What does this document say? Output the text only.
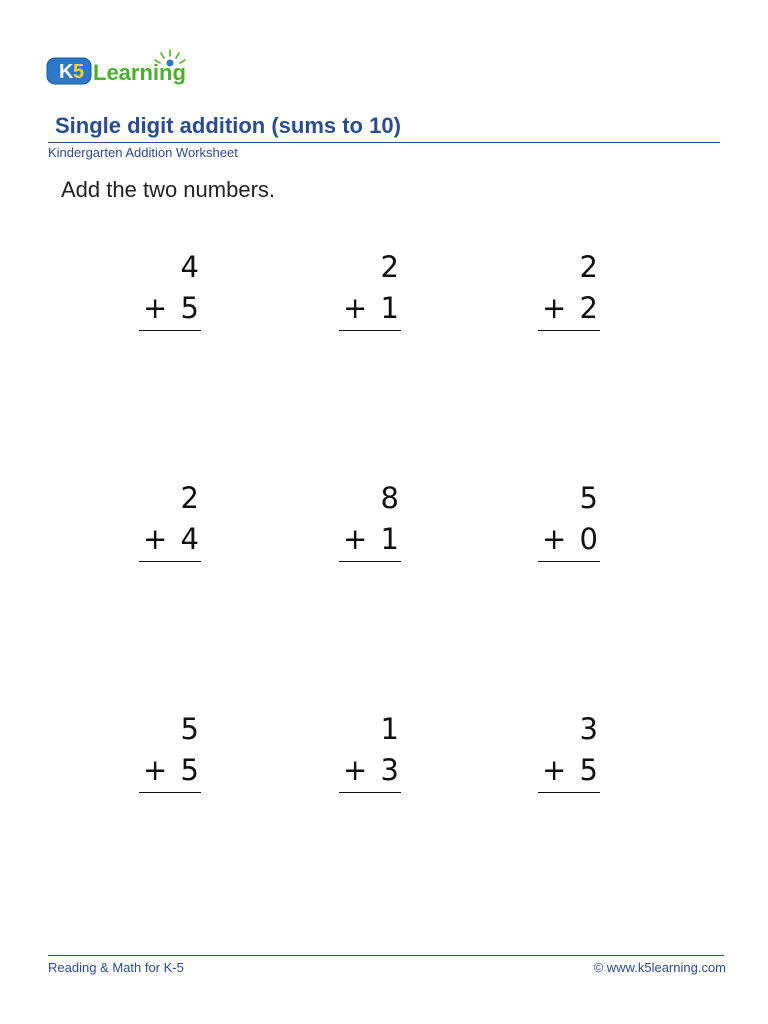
K 5 Learning
Single digit addition (sums to 10)
Kindergarten Addition Worksheet
Add the two numbers.
4
+ 5
2
+ 1
2
+ 2
2
+ 4
8
+ 1
5
+ 0
5
+ 5
1
+ 3
3
+ 5
Reading & Math for K-5	© www.k5learning.com
